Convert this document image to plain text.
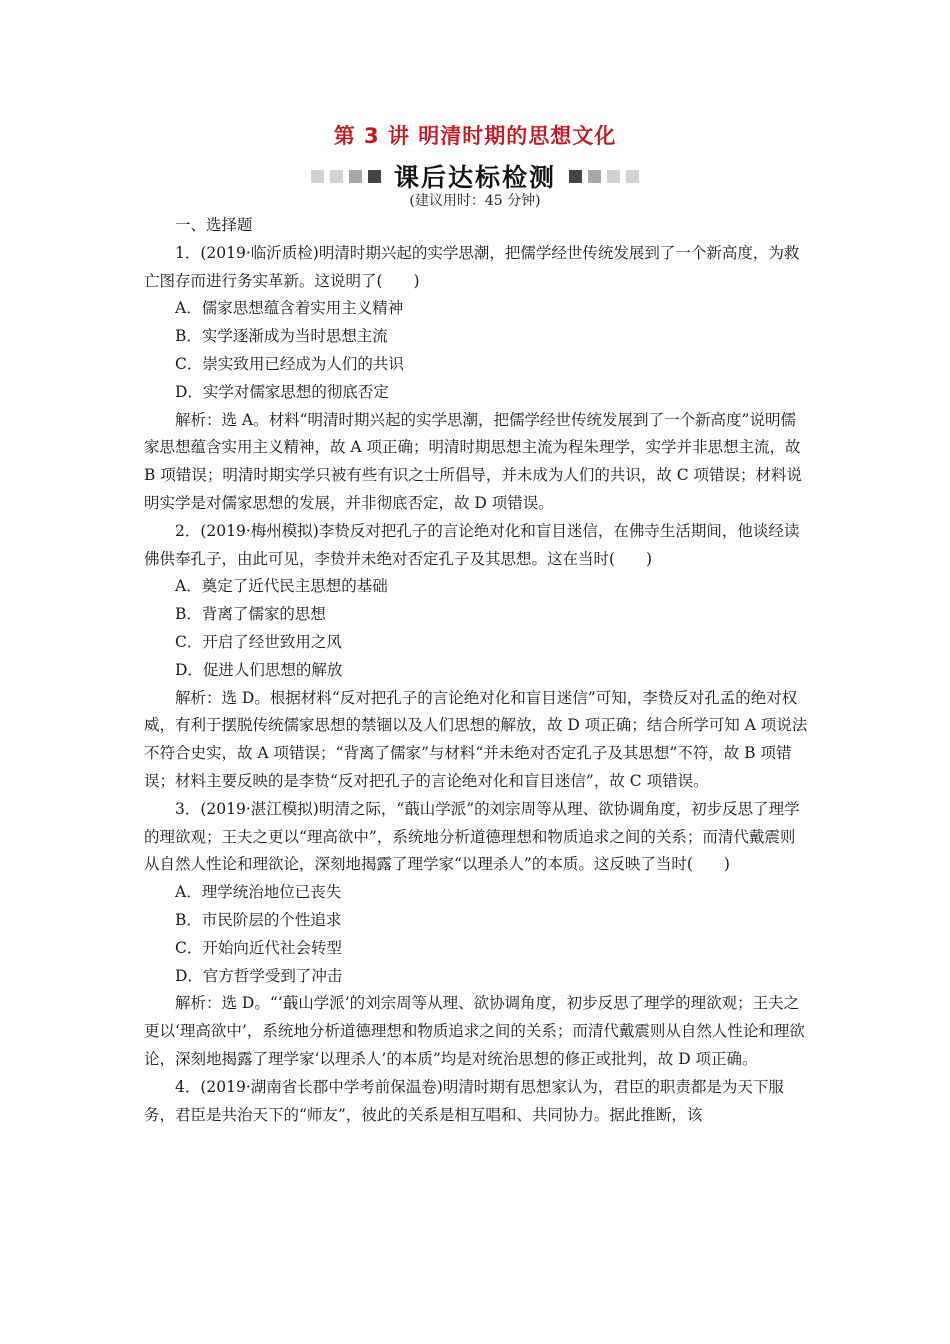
第 3 讲 明清时期的思想文化
课后达标检测
(建议用时：45 分钟)

一、选择题

1．(2019·临沂质检)明清时期兴起的实学思潮，把儒学经世传统发展到了一个新高度，为救亡图存而进行务实革新。这说明了(　　)

A．儒家思想蕴含着实用主义精神

B．实学逐渐成为当时思想主流

C．崇实致用已经成为人们的共识

D．实学对儒家思想的彻底否定

解析：选 A。材料“明清时期兴起的实学思潮，把儒学经世传统发展到了一个新高度”说明儒家思想蕴含实用主义精神，故 A 项正确；明清时期思想主流为程朱理学，实学并非思想主流，故 B 项错误；明清时期实学只被有些有识之士所倡导，并未成为人们的共识，故 C 项错误；材料说明实学是对儒家思想的发展，并非彻底否定，故 D 项错误。

2．(2019·梅州模拟)李贽反对把孔子的言论绝对化和盲目迷信，在佛寺生活期间，他谈经读佛供奉孔子，由此可见，李贽并未绝对否定孔子及其思想。这在当时(　　)

A．奠定了近代民主思想的基础

B．背离了儒家的思想

C．开启了经世致用之风

D．促进人们思想的解放

解析：选 D。根据材料“反对把孔子的言论绝对化和盲目迷信”可知，李贽反对孔孟的绝对权威，有利于摆脱传统儒家思想的禁锢以及人们思想的解放，故 D 项正确；结合所学可知 A 项说法不符合史实，故 A 项错误；“背离了儒家”与材料“并未绝对否定孔子及其思想”不符，故 B 项错误；材料主要反映的是李贽“反对把孔子的言论绝对化和盲目迷信”，故 C 项错误。

3．(2019·湛江模拟)明清之际，“蕺山学派”的刘宗周等从理、欲协调角度，初步反思了理学的理欲观；王夫之更以“理高欲中”，系统地分析道德理想和物质追求之间的关系；而清代戴震则从自然人性论和理欲论，深刻地揭露了理学家“以理杀人”的本质。这反映了当时(　　)

A．理学统治地位已丧失

B．市民阶层的个性追求

C．开始向近代社会转型

D．官方哲学受到了冲击

解析：选 D。“‘蕺山学派’的刘宗周等从理、欲协调角度，初步反思了理学的理欲观；王夫之更以‘理高欲中’，系统地分析道德理想和物质追求之间的关系；而清代戴震则从自然人性论和理欲论，深刻地揭露了理学家‘以理杀人’的本质”均是对统治思想的修正或批判，故 D 项正确。

4．(2019·湖南省长郡中学考前保温卷)明清时期有思想家认为，君臣的职责都是为天下服务，君臣是共治天下的“师友”，彼此的关系是相互唱和、共同协力。据此推断，该
